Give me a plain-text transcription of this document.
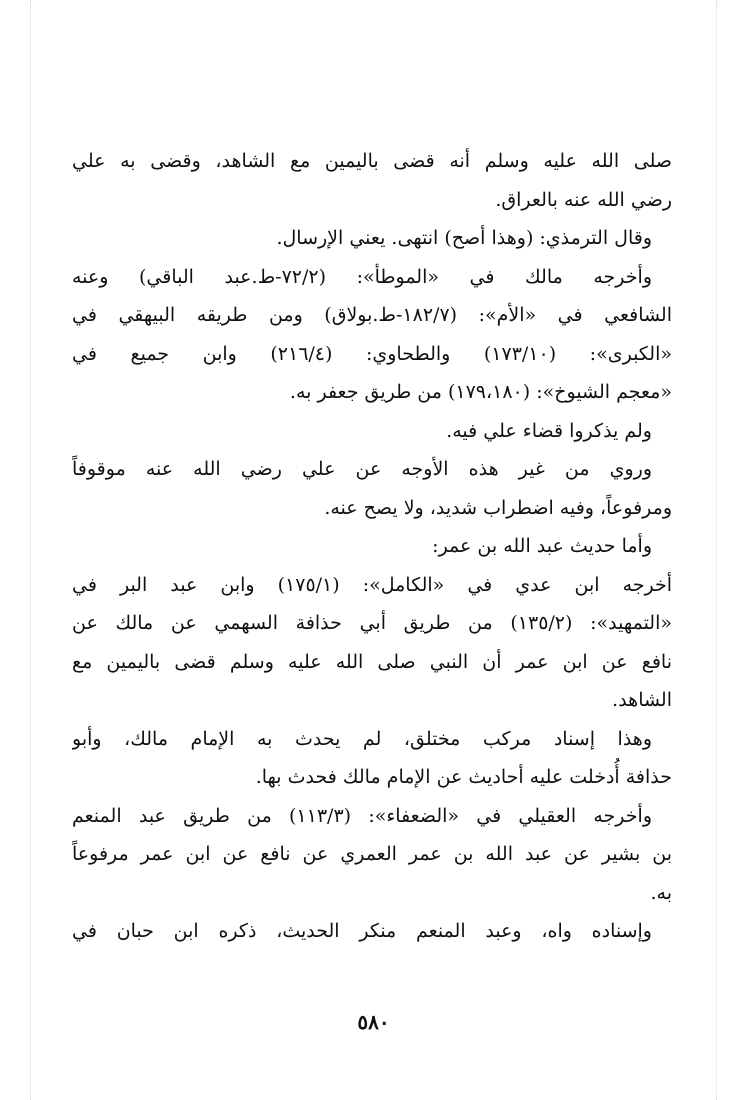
صلى الله عليه وسلم أنه قضى باليمين مع الشاهد، وقضى به علي
رضي الله عنه بالعراق.
وقال الترمذي: (وهذا أصح) انتهى. يعني الإرسال.
وأخرجه مالك في «الموطأ»: (٧٢/٢-ط.عبد الباقي) وعنه
الشافعي في «الأم»: (١٨٢/٧-ط.بولاق) ومن طريقه البيهقي في
«الكبرى»: (١٧٣/١٠) والطحاوي: (٢١٦/٤) وابن جميع في
«معجم الشيوخ»: (١٧٩،١٨٠) من طريق جعفر به.
ولم يذكروا قضاء علي فيه.
وروي من غير هذه الأوجه عن علي رضي الله عنه موقوفاً
ومرفوعاً، وفيه اضطراب شديد، ولا يصح عنه.
وأما حديث عبد الله بن عمر:
أخرجه ابن عدي في «الكامل»: (١٧٥/١) وابن عبد البر في
«التمهيد»: (١٣٥/٢) من طريق أبي حذافة السهمي عن مالك عن
نافع عن ابن عمر أن النبي صلى الله عليه وسلم قضى باليمين مع
الشاهد.
وهذا إسناد مركب مختلق، لم يحدث به الإمام مالك، وأبو
حذافة أُدخلت عليه أحاديث عن الإمام مالك فحدث بها.
وأخرجه العقيلي في «الضعفاء»: (١١٣/٣) من طريق عبد المنعم
بن بشير عن عبد الله بن عمر العمري عن نافع عن ابن عمر مرفوعاً
به.
وإسناده واه، وعبد المنعم منكر الحديث، ذكره ابن حبان في
٥٨٠
